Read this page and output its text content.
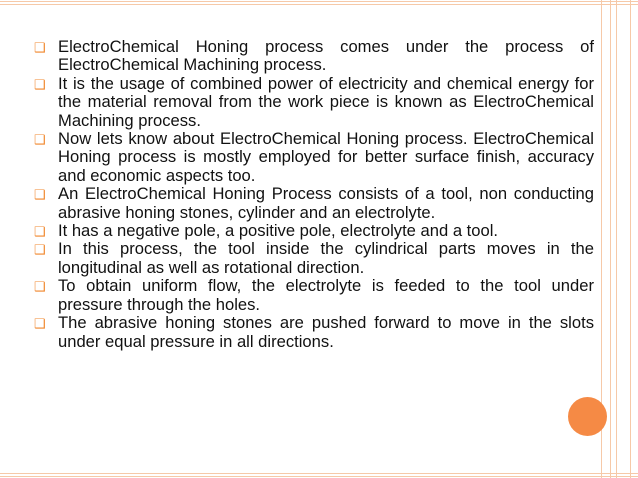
❑ ElectroChemical Honing process comes under the process of ElectroChemical Machining process.
❑ It is the usage of combined power of electricity and chemical energy for the material removal from the work piece is known as ElectroChemical Machining process.
❑ Now lets know about ElectroChemical Honing process. ElectroChemical Honing process is mostly employed for better surface finish, accuracy and economic aspects too.
❑ An ElectroChemical Honing Process consists of a tool, non conducting abrasive honing stones, cylinder and an electrolyte.
❑ It has a negative pole, a positive pole, electrolyte and a tool.
❑ In this process, the tool inside the cylindrical parts moves in the longitudinal as well as rotational direction.
❑ To obtain uniform flow, the electrolyte is feeded to the tool under pressure through the holes.
❑ The abrasive honing stones are pushed forward to move in the slots under equal pressure in all directions.
